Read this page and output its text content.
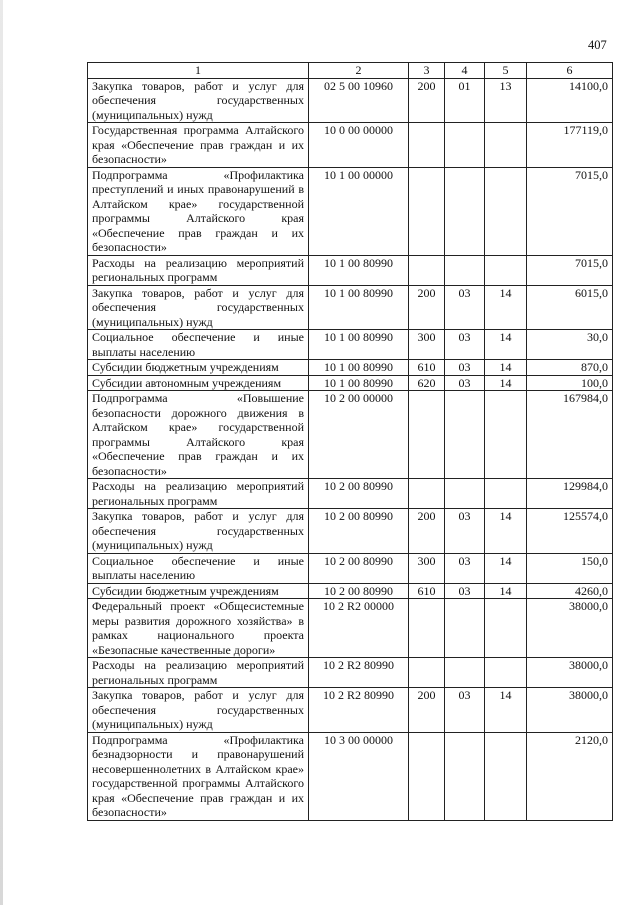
407
1	2	3	4	5	6
Закупка товаров, работ и услуг для обеспечения государственных (муниципальных) нужд	02 5 00 10960	200	01	13	14100,0
Государственная программа Алтайского края «Обеспечение прав граждан и их безопасности»	10 0 00 00000				177119,0
Подпрограмма «Профилактика преступлений и иных правонарушений в Алтайском крае» государственной программы Алтайского края «Обеспечение прав граждан и их безопасности»	10 1 00 00000				7015,0
Расходы на реализацию мероприятий региональных программ	10 1 00 80990				7015,0
Закупка товаров, работ и услуг для обеспечения государственных (муниципальных) нужд	10 1 00 80990	200	03	14	6015,0
Социальное обеспечение и иные выплаты населению	10 1 00 80990	300	03	14	30,0
Субсидии бюджетным учреждениям	10 1 00 80990	610	03	14	870,0
Субсидии автономным учреждениям	10 1 00 80990	620	03	14	100,0
Подпрограмма «Повышение безопасности дорожного движения в Алтайском крае» государственной программы Алтайского края «Обеспечение прав граждан и их безопасности»	10 2 00 00000				167984,0
Расходы на реализацию мероприятий региональных программ	10 2 00 80990				129984,0
Закупка товаров, работ и услуг для обеспечения государственных (муниципальных) нужд	10 2 00 80990	200	03	14	125574,0
Социальное обеспечение и иные выплаты населению	10 2 00 80990	300	03	14	150,0
Субсидии бюджетным учреждениям	10 2 00 80990	610	03	14	4260,0
Федеральный проект «Общесистемные меры развития дорожного хозяйства» в рамках национального проекта «Безопасные качественные дороги»	10 2 R2 00000				38000,0
Расходы на реализацию мероприятий региональных программ	10 2 R2 80990				38000,0
Закупка товаров, работ и услуг для обеспечения государственных (муниципальных) нужд	10 2 R2 80990	200	03	14	38000,0
Подпрограмма «Профилактика безнадзорности и правонарушений несовершеннолетних в Алтайском крае» государственной программы Алтайского края «Обеспечение прав граждан и их безопасности»	10 3 00 00000				2120,0
